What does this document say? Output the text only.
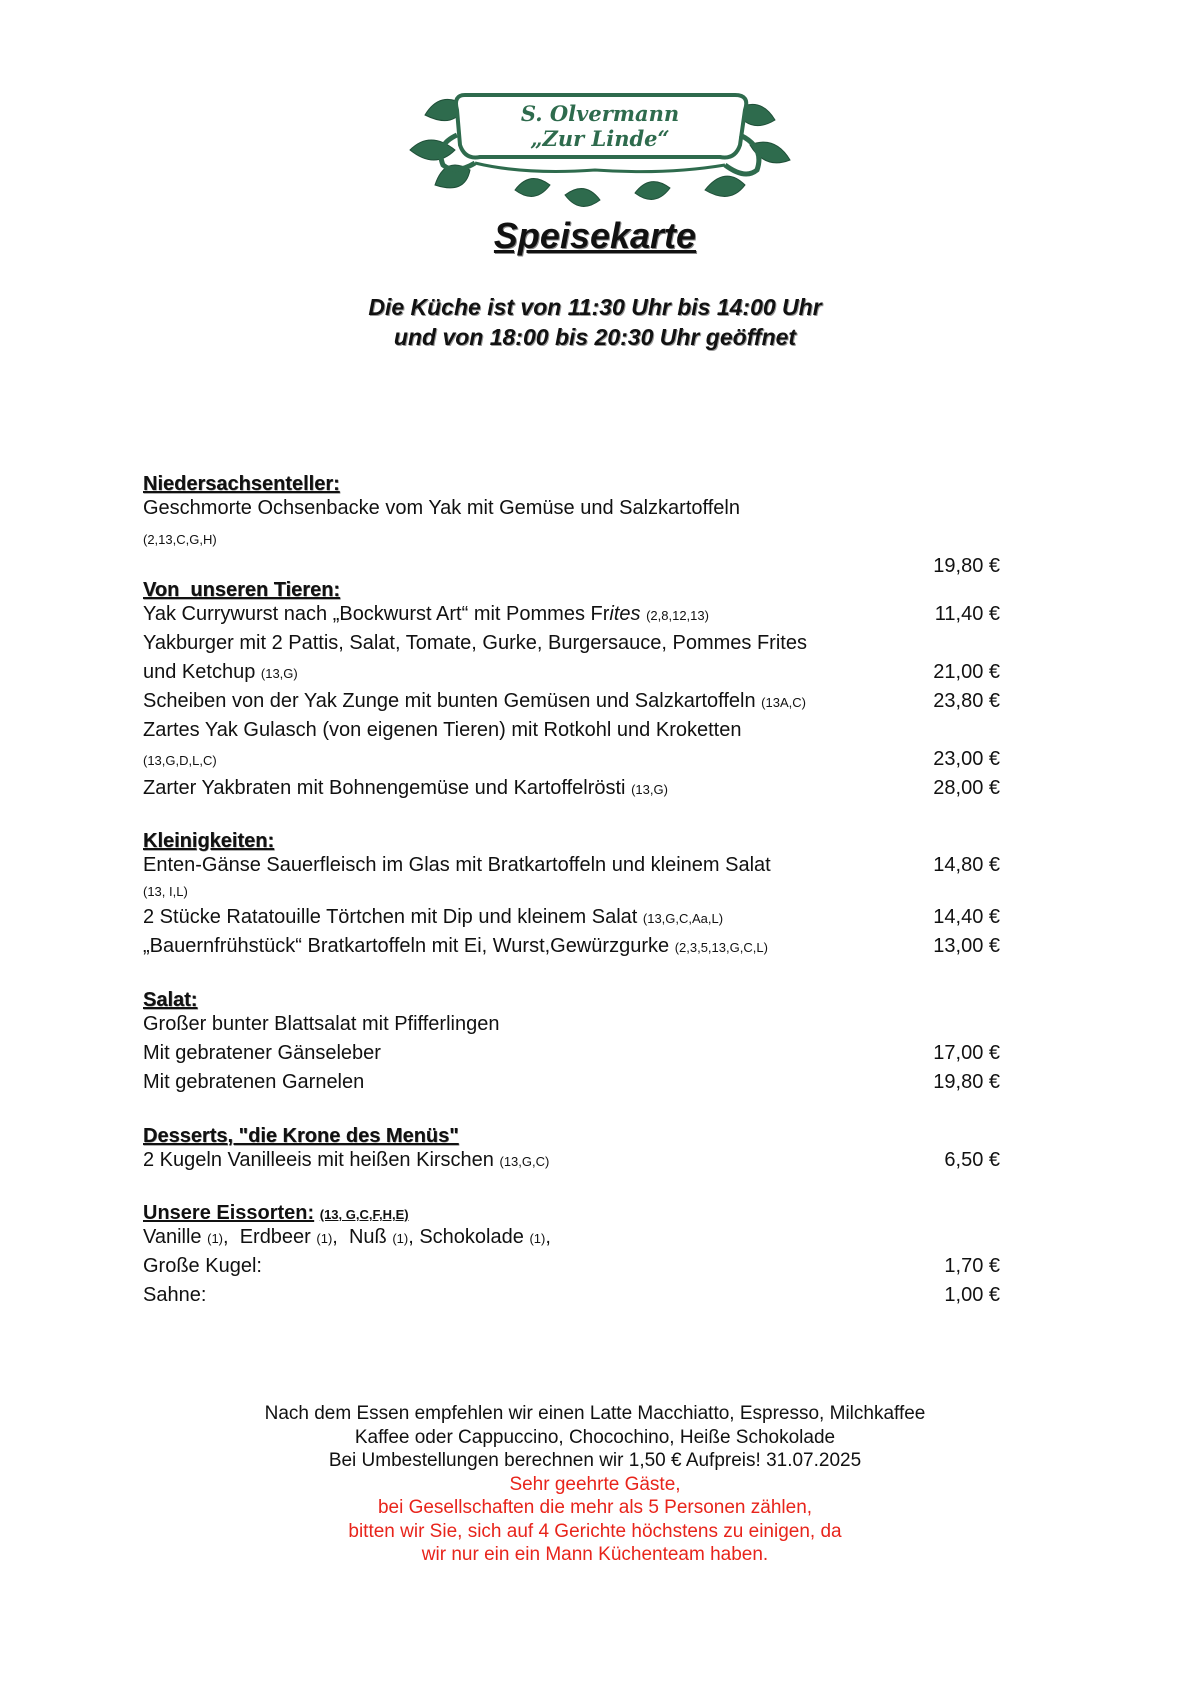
S. Olvermann
„Zur Linde“
Speisekarte
Die Küche ist von 11:30 Uhr bis 14:00 Uhr
und von 18:00 bis 20:30 Uhr geöffnet
Niedersachsenteller:
Geschmorte Ochsenbacke vom Yak mit Gemüse und Salzkartoffeln
(2,13,C,G,H)
19,80 €
Von  unseren Tieren:
Yak Currywurst nach „Bockwurst Art“ mit Pommes Frites (2,8,12,13)	11,40 €
Yakburger mit 2 Pattis, Salat, Tomate, Gurke, Burgersauce, Pommes Frites
und Ketchup (13,G)	21,00 €
Scheiben von der Yak Zunge mit bunten Gemüsen und Salzkartoffeln (13A,C)	23,80 €
Zartes Yak Gulasch (von eigenen Tieren) mit Rotkohl und Kroketten
(13,G,D,L,C)	23,00 €
Zarter Yakbraten mit Bohnengemüse und Kartoffelrösti (13,G)	28,00 €
Kleinigkeiten:
Enten-Gänse Sauerfleisch im Glas mit Bratkartoffeln und kleinem Salat	14,80 €
(13, I,L)
2 Stücke Ratatouille Törtchen mit Dip und kleinem Salat (13,G,C,Aa,L)	14,40 €
„Bauernfrühstück“ Bratkartoffeln mit Ei, Wurst,Gewürzgurke (2,3,5,13,G,C,L)	13,00 €
Salat:
Großer bunter Blattsalat mit Pfifferlingen
Mit gebratener Gänseleber	17,00 €
Mit gebratenen Garnelen	19,80 €
Desserts, "die Krone des Menüs"
2 Kugeln Vanilleeis mit heißen Kirschen (13,G,C)	6,50 €
Unsere Eissorten: (13, G,C,F,H,E)
Vanille (1),  Erdbeer (1),  Nuß (1), Schokolade (1),
Große Kugel:	1,70 €
Sahne:	1,00 €
Nach dem Essen empfehlen wir einen Latte Macchiatto, Espresso, Milchkaffee
Kaffee oder Cappuccino, Chocochino, Heiße Schokolade
Bei Umbestellungen berechnen wir 1,50 € Aufpreis! 31.07.2025
Sehr geehrte Gäste,
bei Gesellschaften die mehr als 5 Personen zählen,
bitten wir Sie, sich auf 4 Gerichte höchstens zu einigen, da
wir nur ein ein Mann Küchenteam haben.
